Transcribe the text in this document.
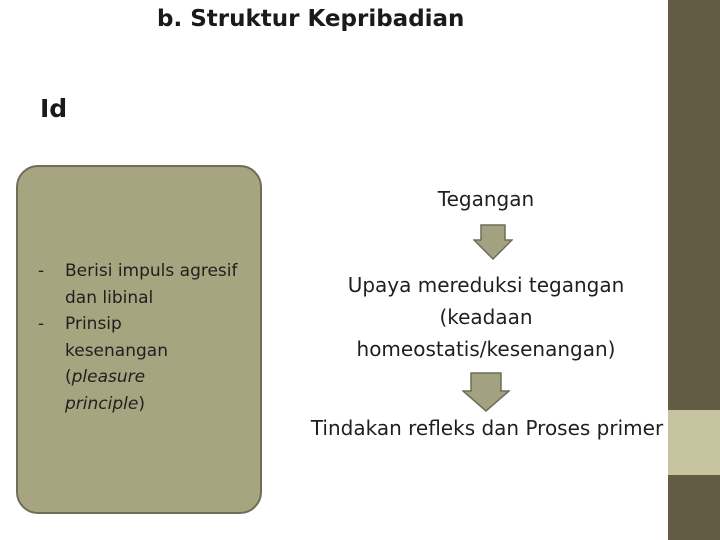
b. Struktur Kepribadian
Id
-	Berisi impuls agresif dan libinal
-	Prinsip kesenangan (pleasure principle)
Tegangan
Upaya mereduksi tegangan
(keadaan
homeostatis/kesenangan)
Tindakan refleks dan Proses primer
